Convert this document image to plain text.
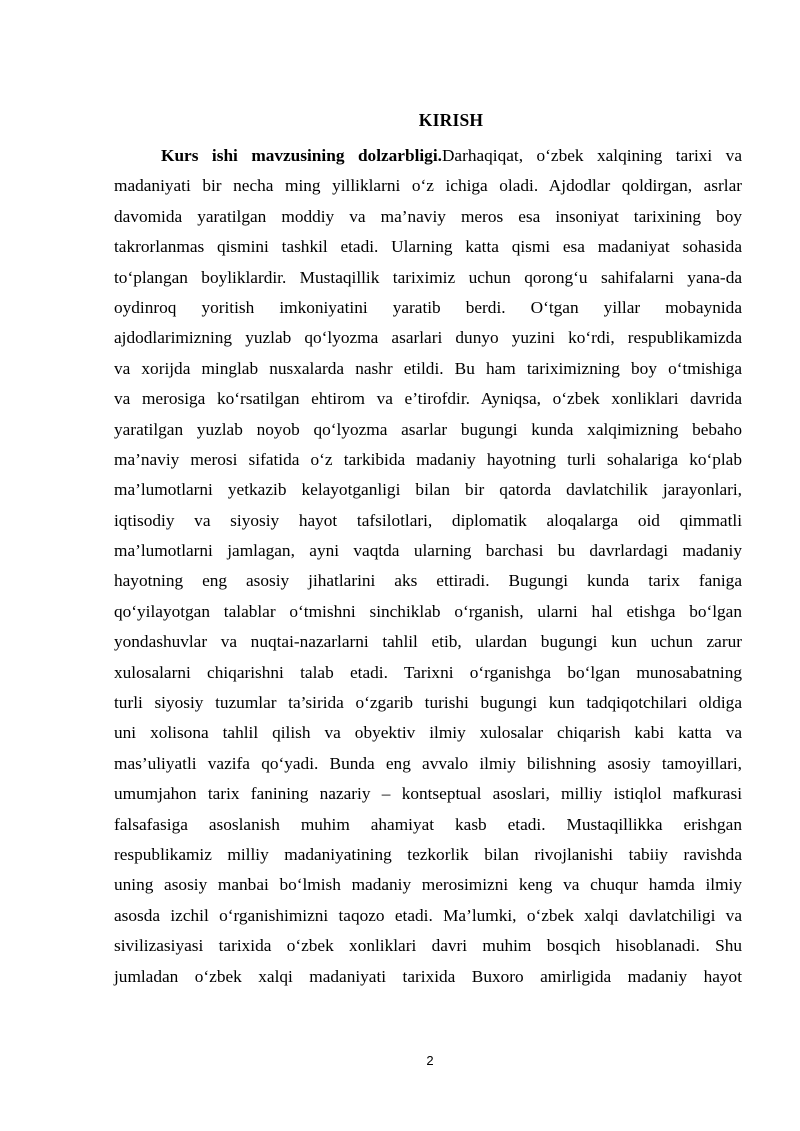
KIRISH
Kurs ishi mavzusining dolzarbligi.Darhaqiqat, o‘zbek xalqining tarixi va
madaniyati bir necha ming yilliklarni o‘z ichiga oladi. Ajdodlar qoldirgan, asrlar
davomida yaratilgan moddiy va ma’naviy meros esa insoniyat tarixining boy
takrorlanmas qismini tashkil etadi. Ularning katta qismi esa madaniyat sohasida
to‘plangan boyliklardir. Mustaqillik tariximiz uchun qorong‘u sahifalarni yana-da
oydinroq yoritish imkoniyatini yaratib berdi. O‘tgan yillar mobaynida
ajdodlarimizning yuzlab qo‘lyozma asarlari dunyo yuzini ko‘rdi, respublikamizda
va xorijda minglab nusxalarda nashr etildi. Bu ham tariximizning boy o‘tmishiga
va merosiga ko‘rsatilgan ehtirom va e’tirofdir. Ayniqsa, o‘zbek xonliklari davrida
yaratilgan yuzlab noyob qo‘lyozma asarlar bugungi kunda xalqimizning bebaho
ma’naviy merosi sifatida o‘z tarkibida madaniy hayotning turli sohalariga ko‘plab
ma’lumotlarni yetkazib kelayotganligi bilan bir qatorda davlatchilik jarayonlari,
iqtisodiy va siyosiy hayot tafsilotlari, diplomatik aloqalarga oid qimmatli
ma’lumotlarni jamlagan, ayni vaqtda ularning barchasi bu davrlardagi madaniy
hayotning eng asosiy jihatlarini aks ettiradi. Bugungi kunda tarix faniga
qo‘yilayotgan talablar o‘tmishni sinchiklab o‘rganish, ularni hal etishga bo‘lgan
yondashuvlar va nuqtai-nazarlarni tahlil etib, ulardan bugungi kun uchun zarur
xulosalarni chiqarishni talab etadi. Tarixni o‘rganishga bo‘lgan munosabatning
turli siyosiy tuzumlar ta’sirida o‘zgarib turishi bugungi kun tadqiqotchilari oldiga
uni xolisona tahlil qilish va obyektiv ilmiy xulosalar chiqarish kabi katta va
mas’uliyatli vazifa qo‘yadi. Bunda eng avvalo ilmiy bilishning asosiy tamoyillari,
umumjahon tarix fanining nazariy – kontseptual asoslari, milliy istiqlol mafkurasi
falsafasiga asoslanish muhim ahamiyat kasb etadi. Mustaqillikka erishgan
respublikamiz milliy madaniyatining tezkorlik bilan rivojlanishi tabiiy ravishda
uning asosiy manbai bo‘lmish madaniy merosimizni keng va chuqur hamda ilmiy
asosda izchil o‘rganishimizni taqozo etadi. Ma’lumki, o‘zbek xalqi davlatchiligi va
sivilizasiyasi tarixida o‘zbek xonliklari davri muhim bosqich hisoblanadi. Shu
jumladan o‘zbek xalqi madaniyati tarixida Buxoro amirligida madaniy hayot
2
